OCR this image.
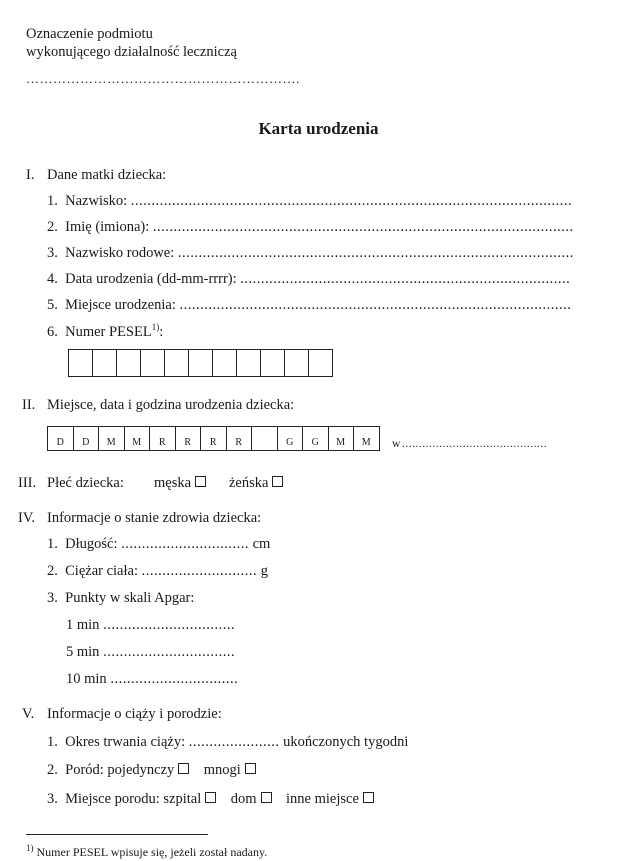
Oznaczenie podmiotu
wykonującego działalność leczniczą
…………………………………………………….
Karta urodzenia
I. Dane matki dziecka:
1. Nazwisko: ...........................................................................................................
2. Imię (imiona): ......................................................................................................
3. Nazwisko rodowe: ................................................................................................
4. Data urodzenia (dd-mm-rrrr): ................................................................................
5. Miejsce urodzenia: ...............................................................................................
6. Numer PESEL$^{1)}$:
II. Miejsce, data i godzina urodzenia dziecka:
D	D	M	M	R	R	R	R	G	G	M	M	w ...........................................
III. Płeć dziecka: męska	żeńska
IV. Informacje o stanie zdrowia dziecka:
1. Długość: ............................... cm
2. Ciężar ciała: ............................ g
3. Punkty w skali Apgar:
1 min ................................
5 min ................................
10 min ...............................
V. Informacje o ciąży i porodzie:
1. Okres trwania ciąży: ...................... ukończonych tygodni
2. Poród: pojedynczy mnogi
3. Miejsce porodu: szpital dom inne miejsce
$^{1)}$ Numer PESEL wpisuje się, jeżeli został nadany.
